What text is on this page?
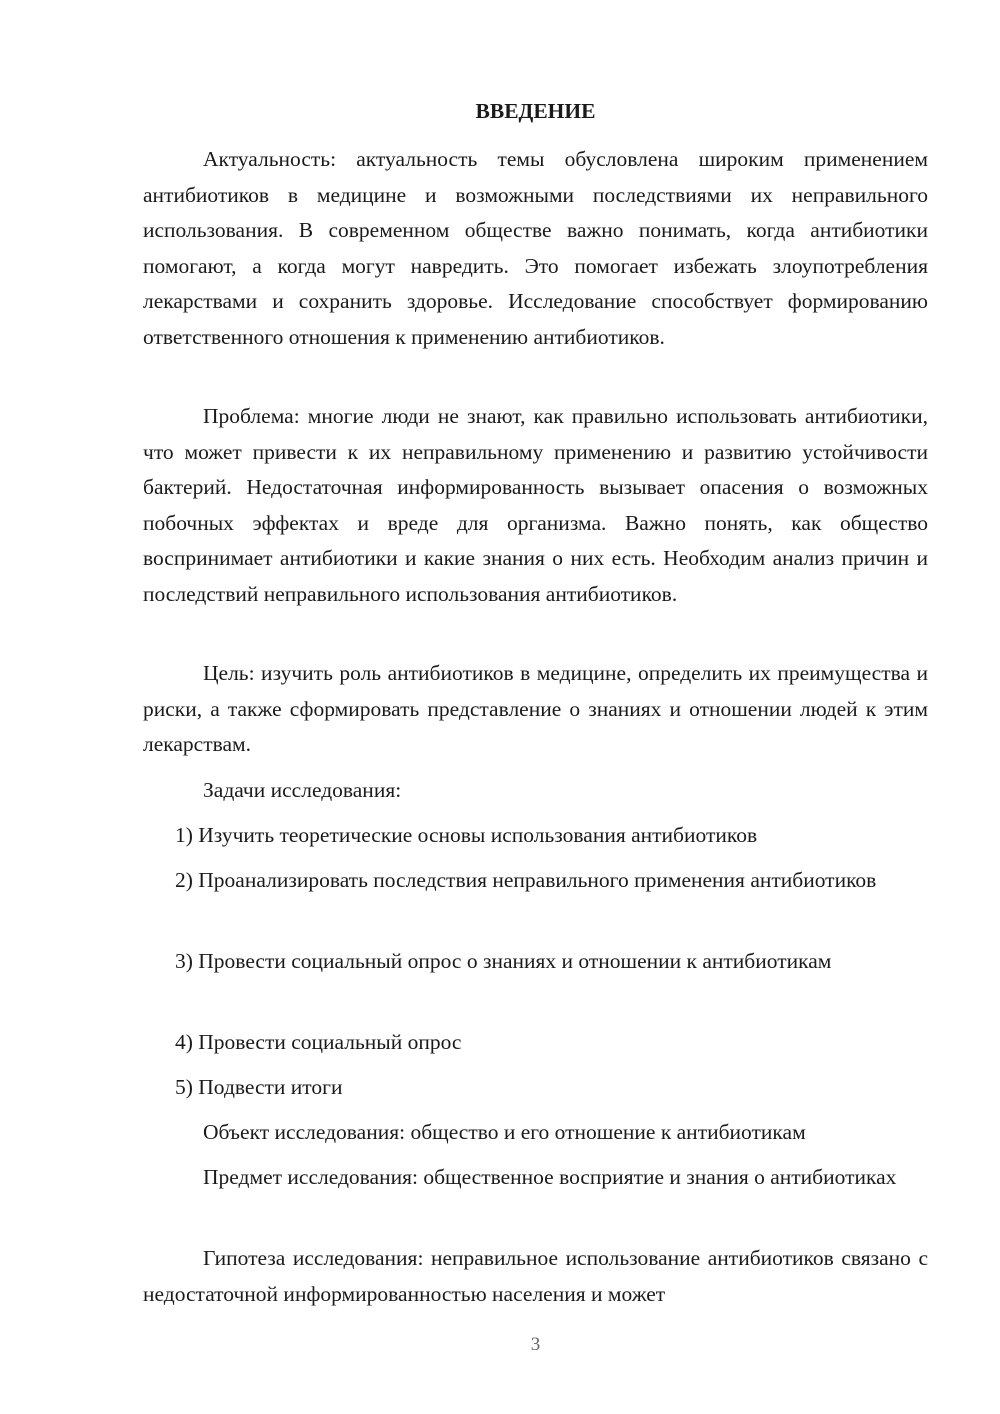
ВВЕДЕНИЕ

Актуальность: актуальность темы обусловлена широким применением антибиотиков в медицине и возможными последствиями их неправильного использования. В современном обществе важно понимать, когда антибиотики помогают, а когда могут навредить. Это помогает избежать злоупотребления лекарствами и сохранить здоровье. Исследование способствует формированию ответственного отношения к применению антибиотиков.

Проблема: многие люди не знают, как правильно использовать антибиотики, что может привести к их неправильному применению и развитию устойчивости бактерий. Недостаточная информированность вызывает опасения о возможных побочных эффектах и вреде для организма. Важно понять, как общество воспринимает антибиотики и какие знания о них есть. Необходим анализ причин и последствий неправильного использования антибиотиков.

Цель: изучить роль антибиотиков в медицине, определить их преимущества и риски, а также сформировать представление о знаниях и отношении людей к этим лекарствам.

Задачи исследования:

1) Изучить теоретические основы использования антибиотиков

2) Проанализировать последствия неправильного применения антибиотиков

3) Провести социальный опрос о знаниях и отношении к антибиотикам

4) Провести социальный опрос

5) Подвести итоги

Объект исследования: общество и его отношение к антибиотикам

Предмет исследования: общественное восприятие и знания о антибиотиках

Гипотеза исследования: неправильное использование антибиотиков связано с недостаточной информированностью населения и может

3
